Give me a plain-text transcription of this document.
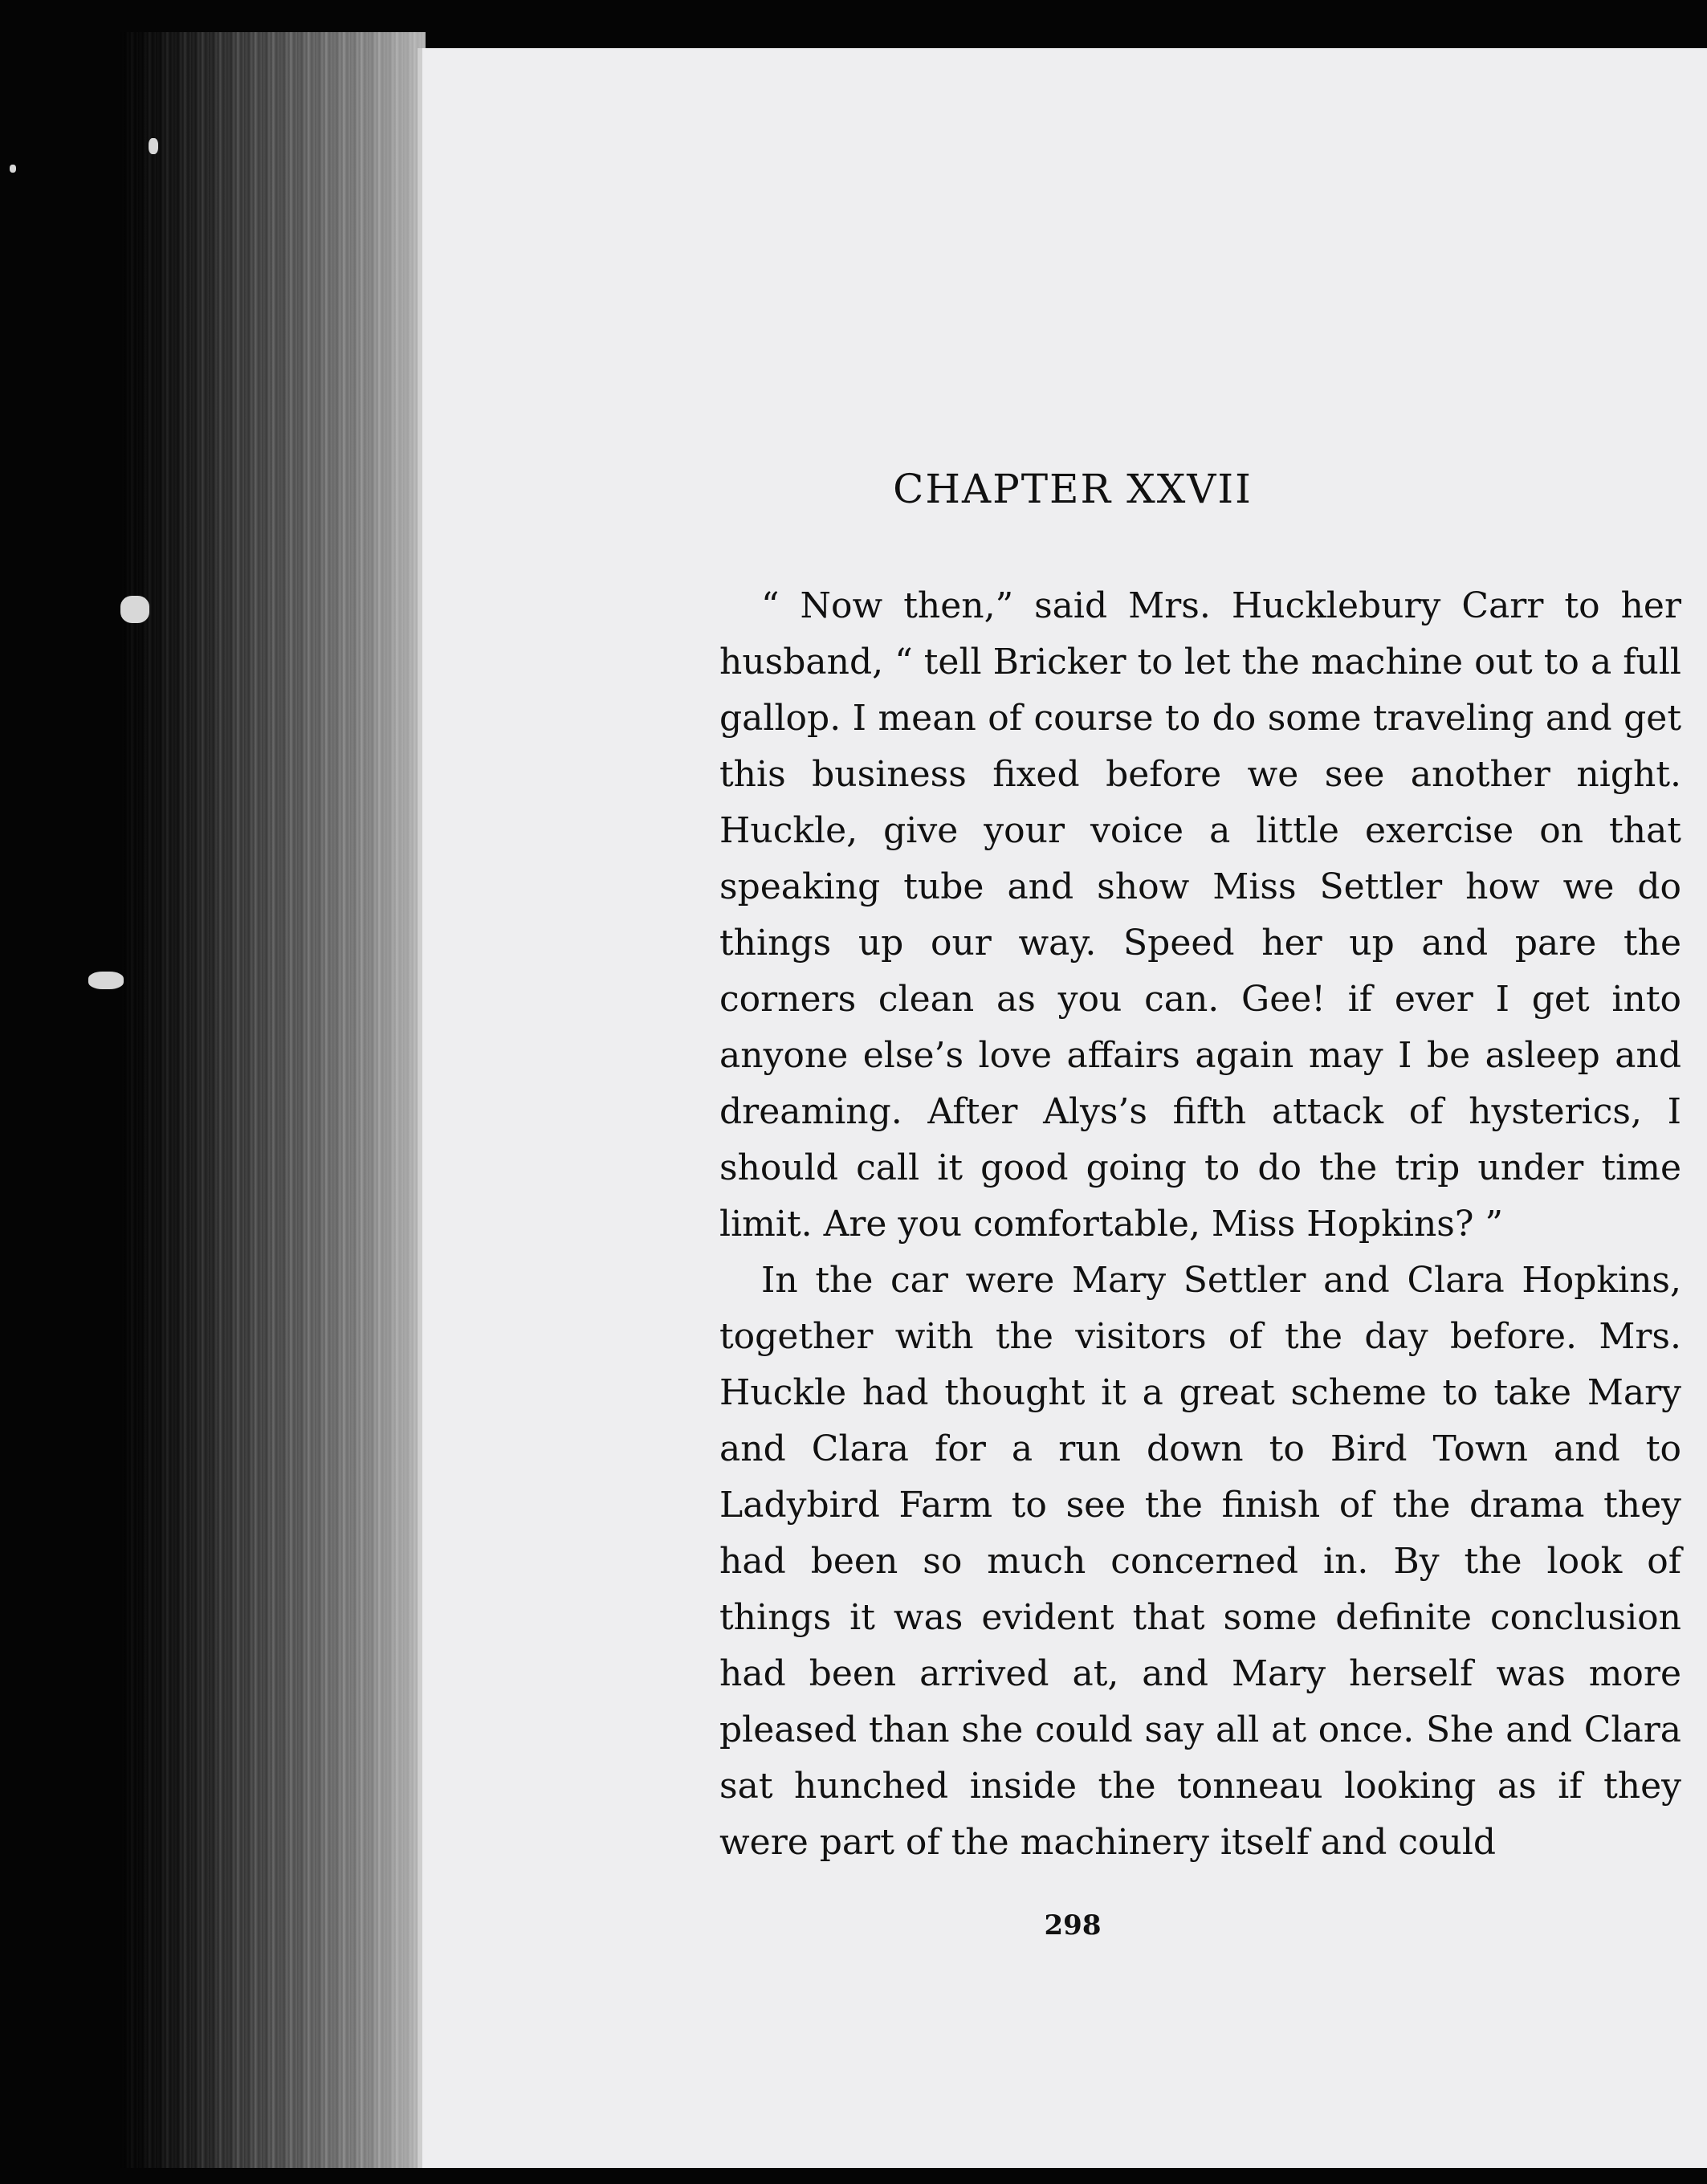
CHAPTER XXVII

“ Now then,” said Mrs. Hucklebury Carr to her husband, “ tell Bricker to let the machine out to a full gallop. I mean of course to do some traveling and get this business fixed before we see another night. Huckle, give your voice a little exercise on that speaking tube and show Miss Settler how we do things up our way. Speed her up and pare the corners clean as you can. Gee! if ever I get into anyone else’s love affairs again may I be asleep and dreaming. After Alys’s fifth attack of hysterics, I should call it good going to do the trip under time limit. Are you comfortable, Miss Hopkins? ”

In the car were Mary Settler and Clara Hopkins, together with the visitors of the day before. Mrs. Huckle had thought it a great scheme to take Mary and Clara for a run down to Bird Town and to Ladybird Farm to see the finish of the drama they had been so much concerned in. By the look of things it was evident that some definite conclusion had been arrived at, and Mary herself was more pleased than she could say all at once. She and Clara sat hunched inside the tonneau looking as if they were part of the machinery itself and could

298
